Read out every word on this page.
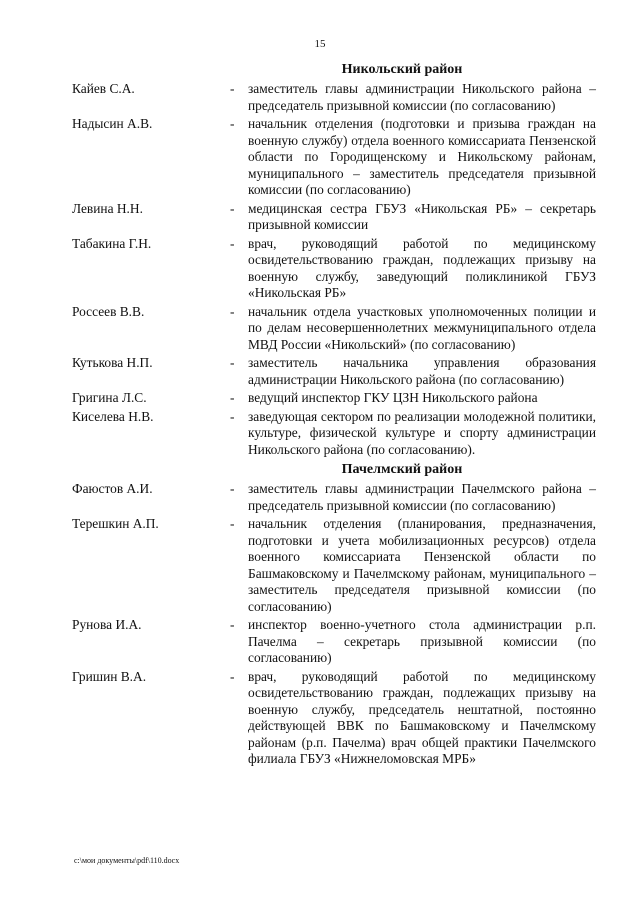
15
Никольский район
Кайев С.А.	-	заместитель главы администрации Никольского района – председатель призывной комиссии (по согласованию)
Надысин А.В.	-	начальник отделения (подготовки и призыва граждан на военную службу) отдела военного комиссариата Пензенской области по Городищенскому и Никольскому районам, муниципального – заместитель председателя призывной комиссии (по согласованию)
Левина Н.Н.	-	медицинская сестра ГБУЗ «Никольская РБ» – секретарь призывной комиссии
Табакина Г.Н.	-	врач, руководящий работой по медицинскому освидетельствованию граждан, подлежащих призыву на военную службу, заведующий поликлиникой ГБУЗ «Никольская РБ»
Россеев В.В.	-	начальник отдела участковых уполномоченных полиции и по делам несовершеннолетних межмуниципального отдела МВД России «Никольский» (по согласованию)
Кутькова Н.П.	-	заместитель начальника управления образования администрации Никольского района (по согласованию)
Григина Л.С.	-	ведущий инспектор ГКУ ЦЗН Никольского района
Киселева Н.В.	-	заведующая сектором по реализации молодежной политики, культуре, физической культуре и спорту администрации Никольского района (по согласованию).
Пачелмский район
Фаюстов А.И.	-	заместитель главы администрации Пачелмского района – председатель призывной комиссии (по согласованию)
Терешкин А.П.	-	начальник отделения (планирования, предназначения, подготовки и учета мобилизационных ресурсов) отдела военного комиссариата Пензенской области по Башмаковскому и Пачелмскому районам, муниципального – заместитель председателя призывной комиссии (по согласованию)
Рунова И.А.	-	инспектор военно-учетного стола администрации р.п. Пачелма – секретарь призывной комиссии (по согласованию)
Гришин В.А.	-	врач, руководящий работой по медицинскому освидетельствованию граждан, подлежащих призыву на военную службу, председатель нештатной, постоянно действующей ВВК по Башмаковскому и Пачелмскому районам (р.п. Пачелма) врач общей практики Пачелмского филиала ГБУЗ «Нижнеломовская МРБ»
c:\мои документы\pdf\110.docx
